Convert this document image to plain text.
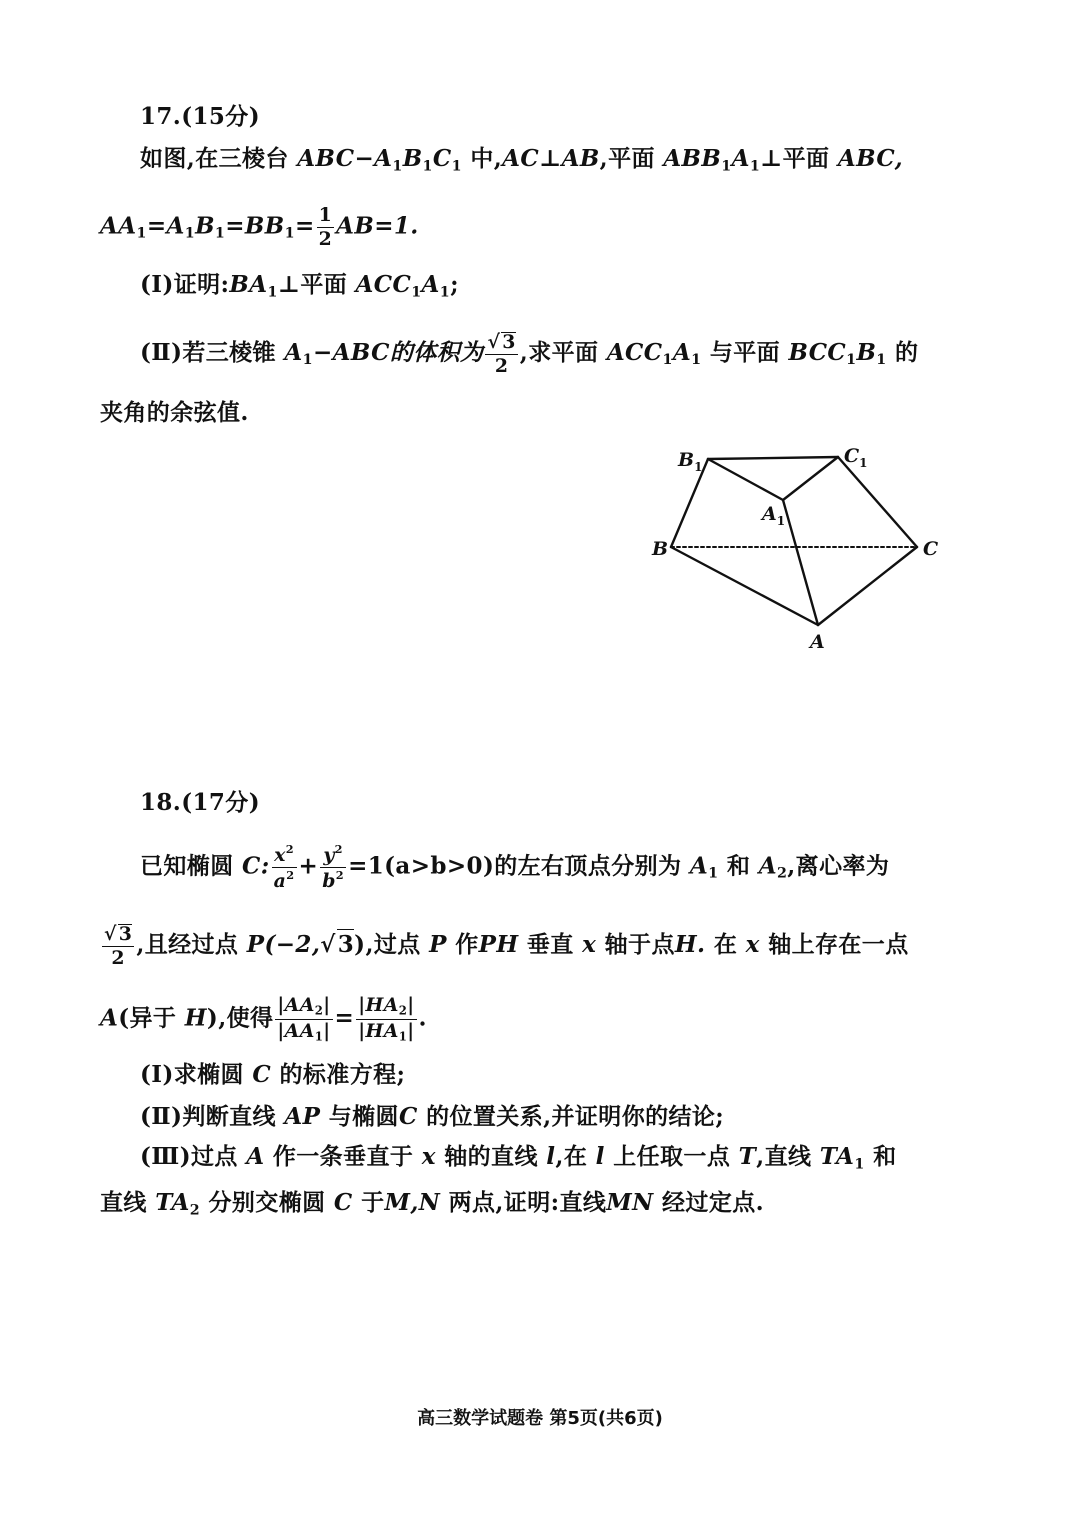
17.(15分)
如图,在三棱台 ABC−A1B1C1 中,AC⊥AB,平面 ABB1A1⊥平面 ABC,
$AA1=A1B1=BB1= \frac{1}{2} AB=1$.
(Ⅰ)证明:BA1⊥平面 ACC1A1;
(Ⅱ)若三棱锥 A1−ABC的体积为 $\frac{√ 3}{2}$ ,求平面 ACC1A1 与平面 BCC1B1 的
夹角的余弦值.
$B_1$	$C_1$
$A_1$
B	C
A
18.(17分)
已知椭圆 C: $\frac{x^2}{a^2} + \frac{y^2}{b^2} =1(a>b>0)$的左右顶点分别为 A1 和 A2,离心率为
$\frac{√ 3}{2}$ ,且经过点 P(−2,√3),过点 P 作PH 垂直 x 轴于点H. 在 x 轴上存在一点
A(异于 H),使得 $\frac{|AA2|}{|AA1|} = \frac{|HA2|}{|HA1|}$ .
(Ⅰ)求椭圆 C 的标准方程;
(Ⅱ)判断直线 AP 与椭圆C 的位置关系,并证明你的结论;
(Ⅲ)过点 A 作一条垂直于 x 轴的直线 l,在 l 上任取一点 T,直线 TA1 和
直线 TA2 分别交椭圆 C 于M,N 两点,证明:直线MN 经过定点.
高三数学试题卷 第5页(共6页)
